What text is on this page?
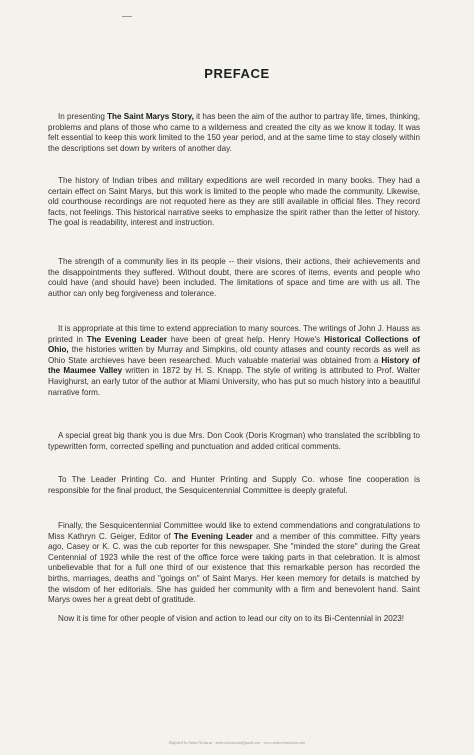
PREFACE

In presenting The Saint Marys Story, it has been the aim of the author to partray life, times, thinking, problems and plans of those who came to a wilderness and created the city as we know it today. It was felt essential to keep this work limited to the 150 year period, and at the same time to stay closely within the descriptions set down by writers of another day.

The history of Indian tribes and military expeditions are well recorded in many books. They had a certain effect on Saint Marys, but this work is limited to the people who made the community. Likewise, old courthouse recordings are not requoted here as they are still available in official files. They record facts, not feelings. This historical narrative seeks to emphasize the spirit rather than the letter of history. The goal is readability, interest and instruction.

The strength of a community lies in its people -- their visions, their actions, their achievements and the disappointments they suffered. Without doubt, there are scores of items, events and people who could have (and should have) been included. The limitations of space and time are with us all. The author can only beg forgiveness and tolerance.

It is appropriate at this time to extend appreciation to many sources. The writings of John J. Hauss as printed in The Evening Leader have been of great help. Henry Howe's Historical Collections of Ohio, the histories written by Murray and Simpkins, old county atlases and county records as well as Ohio State archieves have been researched. Much valuable material was obtained from a History of the Maumee Valley written in 1872 by H. S. Knapp. The style of writing is attributed to Prof. Walter Havighurst, an early tutor of the author at Miami University, who has put so much history into a beautiful narrative form.

A special great big thank you is due Mrs. Don Cook (Doris Krogman) who translated the scribbling to typewritten form, corrected spelling and punctuation and added critical comments.

To The Leader Printing Co. and Hunter Printing and Supply Co. whose fine cooperation is responsible for the final product, the Sesquicentennial Committee is deeply grateful.

Finally, the Sesquicentennial Committee would like to extend commendations and congratulations to Miss Kathryn C. Geiger, Editor of The Evening Leader and a member of this committee. Fifty years ago, Casey or K. C. was the cub reporter for this newspaper. She "minded the store" during the Great Centennial of 1923 while the rest of the office force were taking parts in that celebration. It is almost unbelievable that for a full one third of our existence that this remarkable person has recorded the births, marriages, deaths and "goings on" of Saint Marys. Her keen memory for details is matched by the wisdom of her editorials. She has guided her community with a firm and benevolent hand. Saint Marys owes her a great debt of gratitude.

Now it is time for other people of vision and action to lead our city on to its Bi-Centennial in 2023!

Digitized by Anish Nickaran - andrewlnickaran@gmail.com - www.andrewlnickaran.com
